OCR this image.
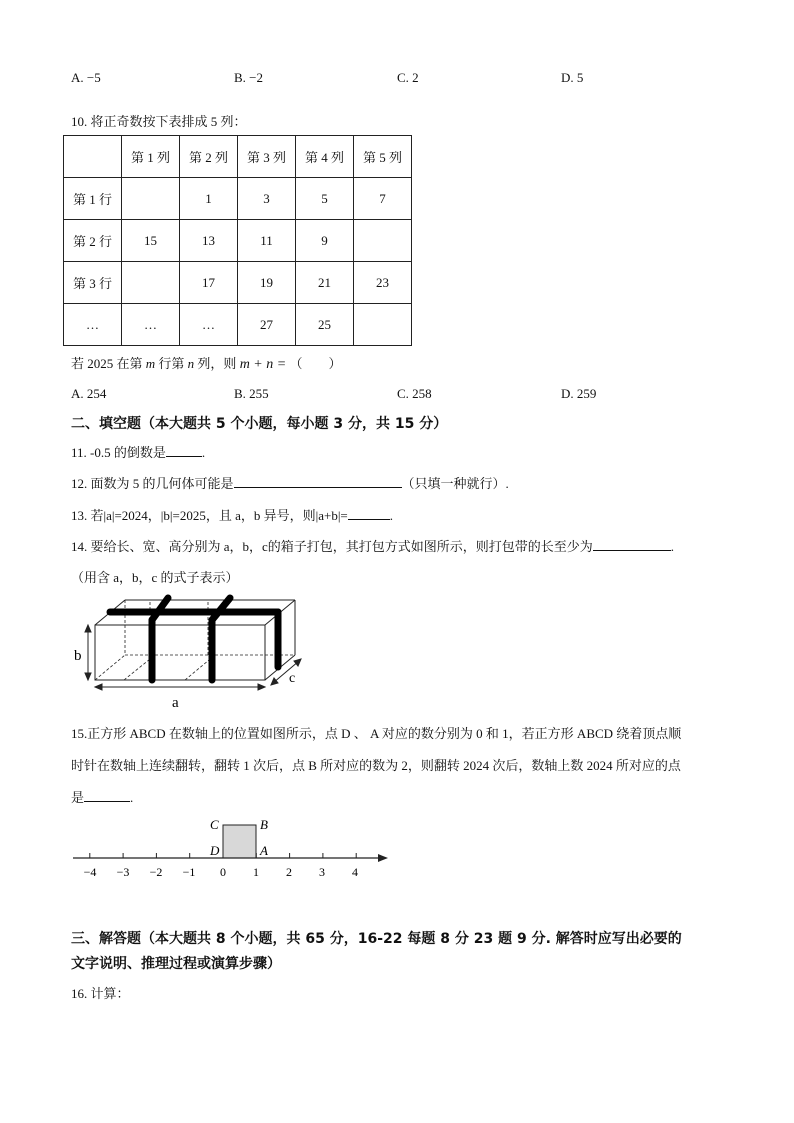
A. −5	B. −2	C. 2	D. 5
10. 将正奇数按下表排成 5 列：
	第 1 列	第 2 列	第 3 列	第 4 列	第 5 列
第 1 行		1	3	5	7
第 2 行	15	13	11	9	
第 3 行		17	19	21	23
…	…	…	27	25	
若 2025 在第 m 行第 n 列，则 m + n = （　　）
A. 254	B. 255	C. 258	D. 259
二、填空题（本大题共 5 个小题，每小题 3 分，共 15 分）
11. -0.5 的倒数是	.
12. 面数为 5 的几何体可能是	（只填一种就行）.
13. 若|a|=2024，|b|=2025，且 a，b 异号，则|a+b|=	.
14. 要给长、宽、高分别为 a，b，c的箱子打包，其打包方式如图所示，则打包带的长至少为	.
（用含 a，b，c 的式子表示）
b
a
c
15.正方形 ABCD 在数轴上的位置如图所示，点 D 、 A 对应的数分别为 0 和 1，若正方形 ABCD 绕着顶点顺
时针在数轴上连续翻转，翻转 1 次后，点 B 所对应的数为 2，则翻转 2024 次后，数轴上数 2024 所对应的点
是	.
−4 −3 −2 −1 0 1 2 3 4
C	B
D	A
三、解答题（本大题共 8 个小题，共 65 分，16-22 每题 8 分 23 题 9 分. 解答时应写出必要的
文字说明、推理过程或演算步骤）
16. 计算：
